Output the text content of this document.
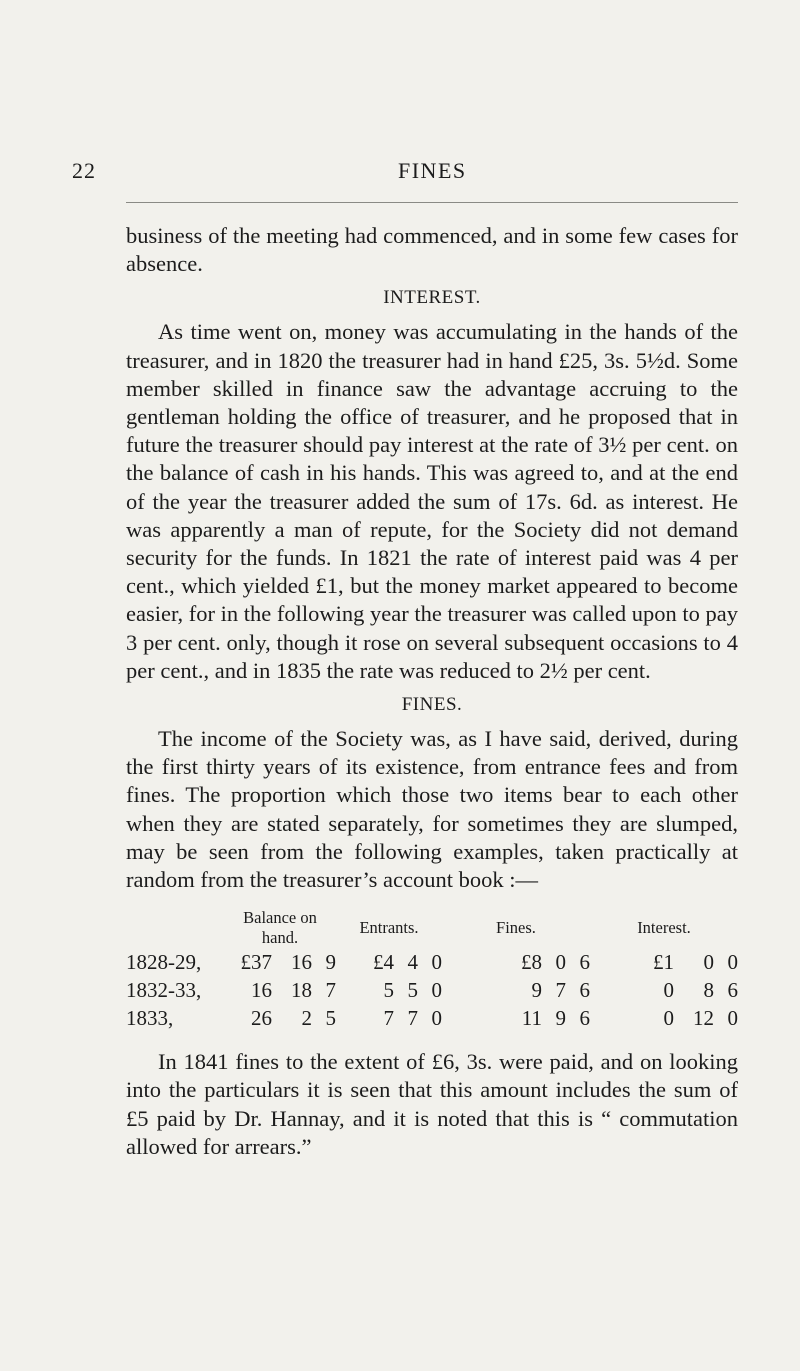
22	FINES

business of the meeting had commenced, and in some few cases for absence.

INTEREST.

As time went on, money was accumulating in the hands of the treasurer, and in 1820 the treasurer had in hand £25, 3s. 5½d. Some member skilled in finance saw the advantage accruing to the gentleman holding the office of treasurer, and he proposed that in future the treasurer should pay interest at the rate of 3½ per cent. on the balance of cash in his hands. This was agreed to, and at the end of the year the treasurer added the sum of 17s. 6d. as interest. He was apparently a man of repute, for the Society did not demand security for the funds. In 1821 the rate of interest paid was 4 per cent., which yielded £1, but the money market appeared to become easier, for in the following year the treasurer was called upon to pay 3 per cent. only, though it rose on several subsequent occasions to 4 per cent., and in 1835 the rate was reduced to 2½ per cent.

FINES.

The income of the Society was, as I have said, derived, during the first thirty years of its existence, from entrance fees and from fines. The proportion which those two items bear to each other when they are stated separately, for sometimes they are slumped, may be seen from the following examples, taken practically at random from the treasurer’s account book :—

	Balance on hand.	Entrants.	Fines.	Interest.
1828-29,	£37 16 9	£4 4 0	£8 0 6	£1 0 0
1832-33,	16 18 7	5 5 0	9 7 6	0 8 6
1833,	26 2 5	7 7 0	11 9 6	0 12 0

In 1841 fines to the extent of £6, 3s. were paid, and on looking into the particulars it is seen that this amount includes the sum of £5 paid by Dr. Hannay, and it is noted that this is “ commutation allowed for arrears.”
